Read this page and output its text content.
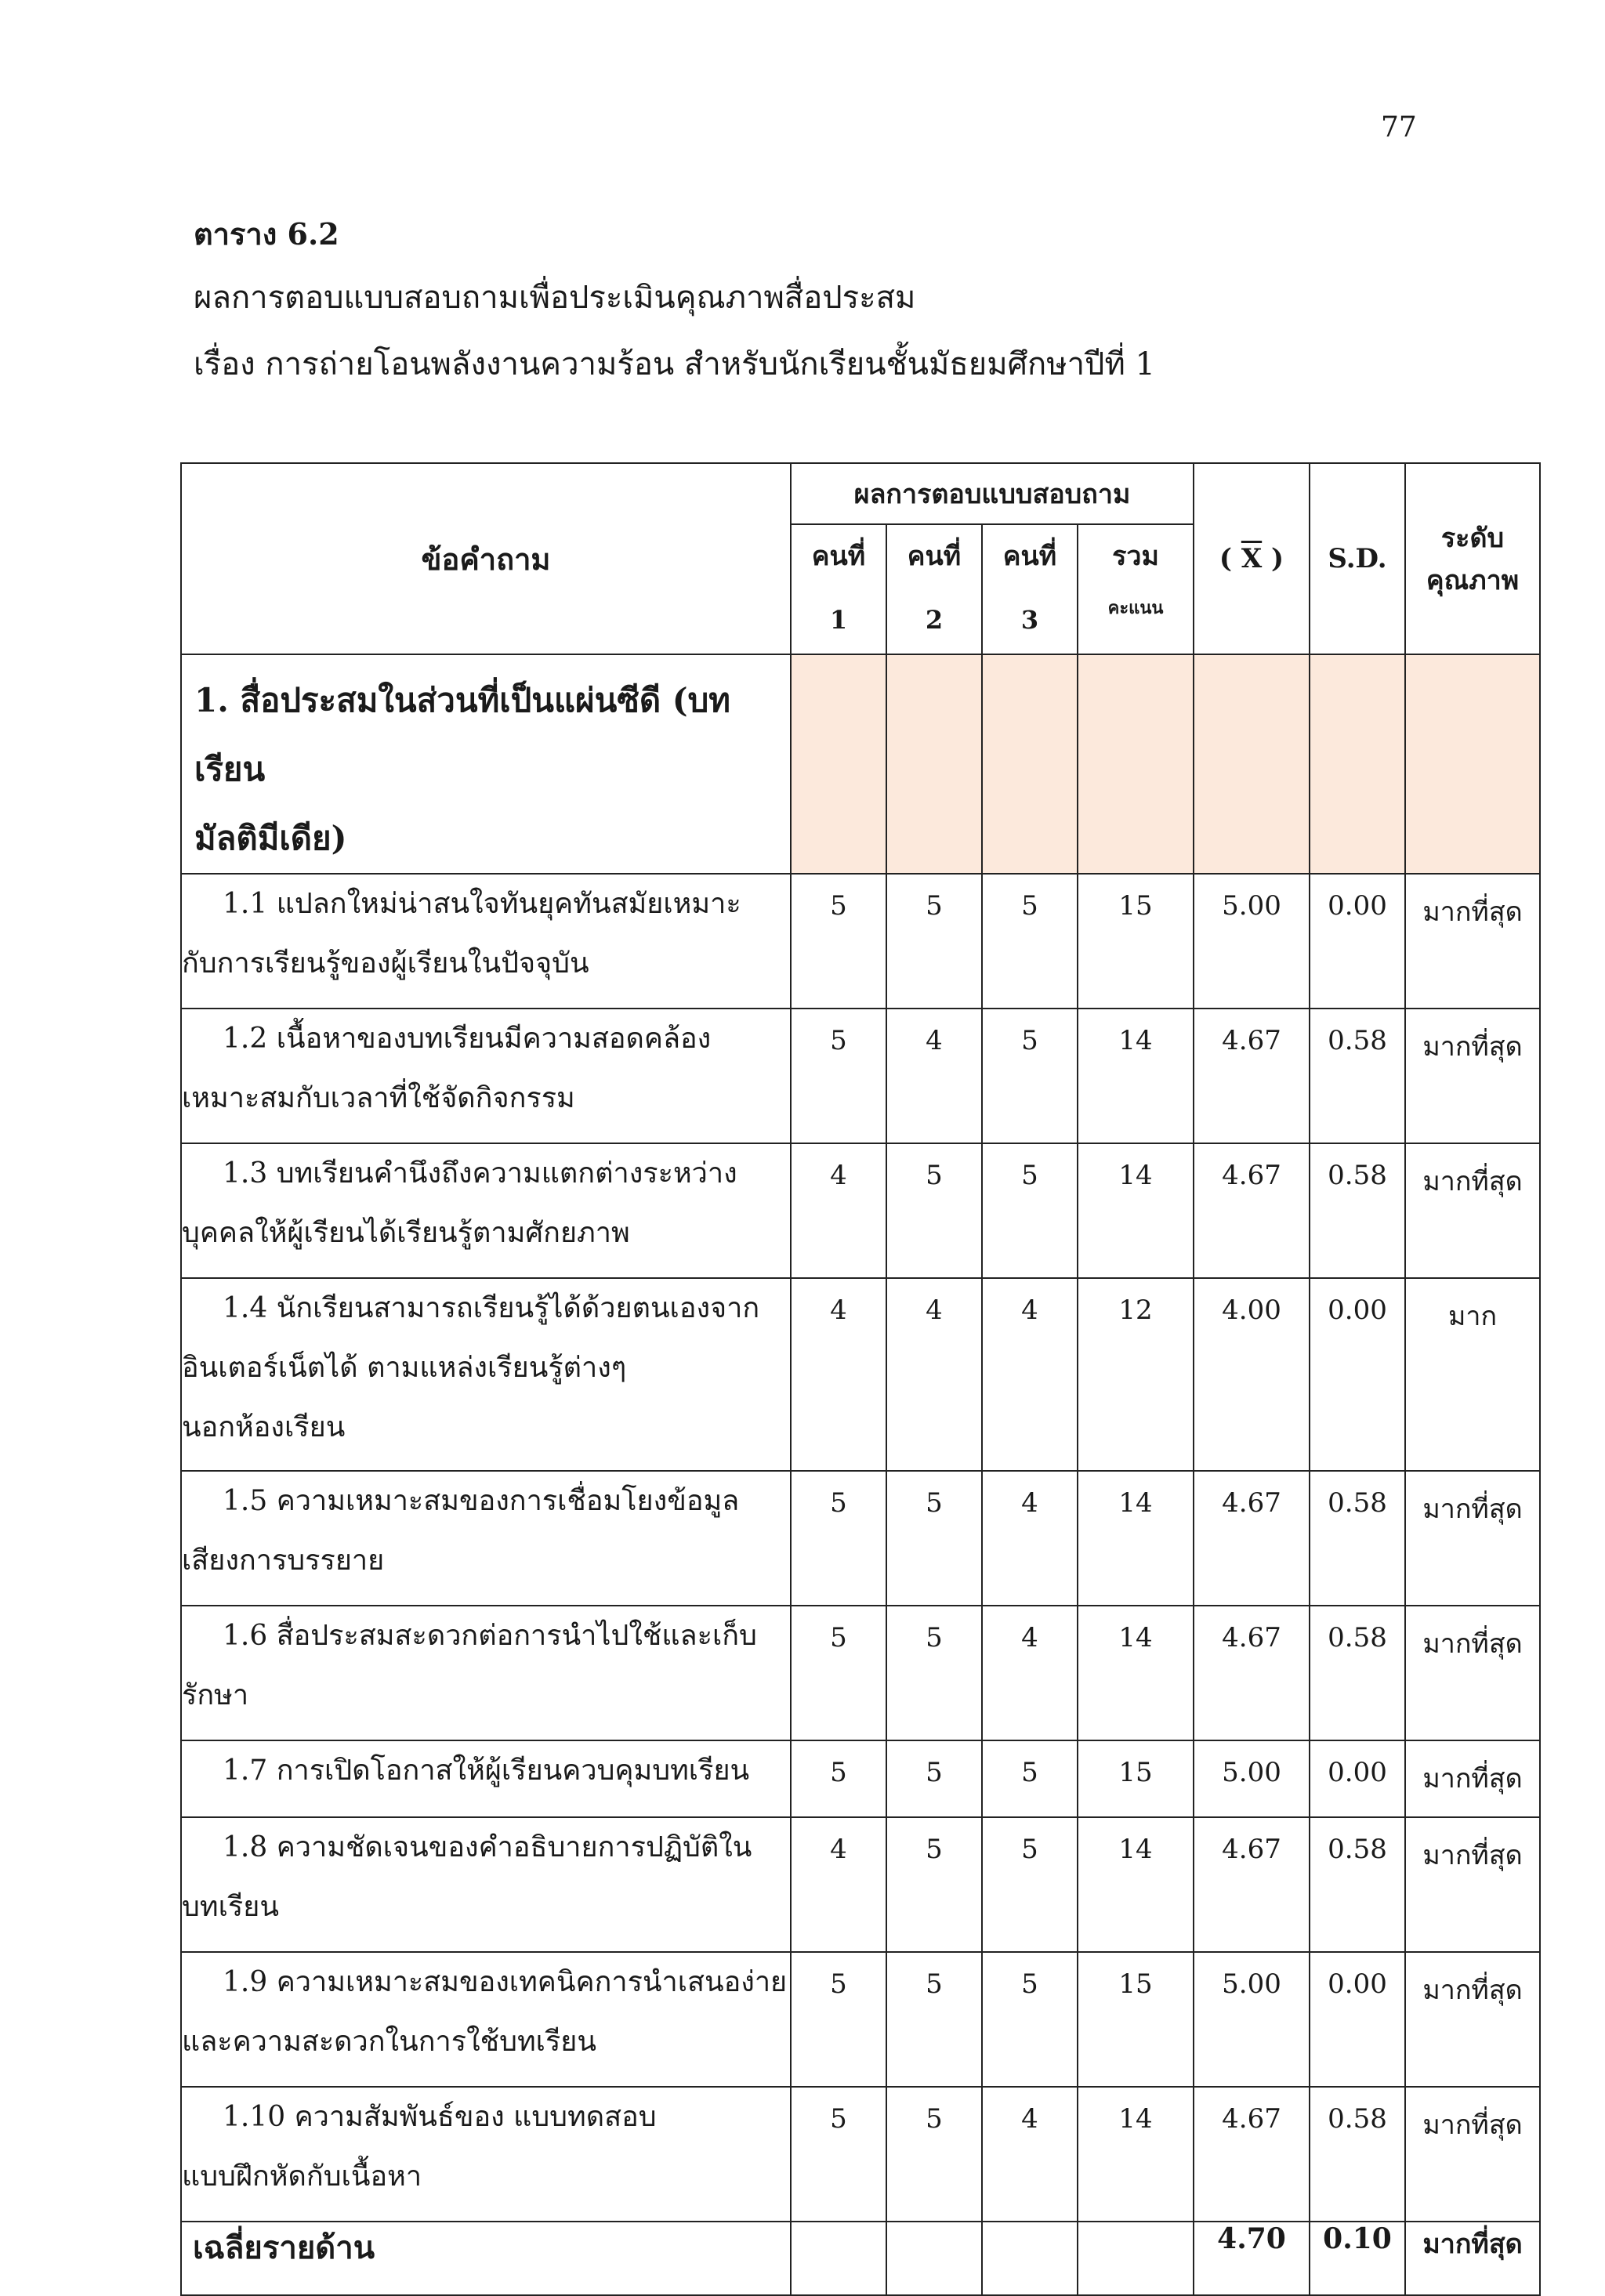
77
ตาราง 6.2
ผลการตอบแบบสอบถามเพื่อประเมินคุณภาพสื่อประสม
เรื่อง การถ่ายโอนพลังงานความร้อน สำหรับนักเรียนชั้นมัธยมศึกษาปีที่ 1
ข้อคำถาม	ผลการตอบแบบสอบถาม				( $\overline{X}$ )	S.D.	ระดับ
คุณภาพ

	คนที่	คนที่	คนที่	รวม			
	1	2	3	คะแนน			

1. สื่อประสมในส่วนที่เป็นแผ่นซีดี (บทเรียน
มัลติมีเดีย)							

1.1 แปลกใหม่น่าสนใจทันยุคทันสมัยเหมาะ
กับการเรียนรู้ของผู้เรียนในปัจจุบัน	5	5	5	15	5.00	0.00	มากที่สุด

1.2 เนื้อหาของบทเรียนมีความสอดคล้อง
เหมาะสมกับเวลาที่ใช้จัดกิจกรรม	5	4	5	14	4.67	0.58	มากที่สุด

1.3 บทเรียนคำนึงถึงความแตกต่างระหว่าง
บุคคลให้ผู้เรียนได้เรียนรู้ตามศักยภาพ	4	5	5	14	4.67	0.58	มากที่สุด

1.4 นักเรียนสามารถเรียนรู้ได้ด้วยตนเองจาก
อินเตอร์เน็ตได้ ตามแหล่งเรียนรู้ต่างๆ
นอกห้องเรียน	4	4	4	12	4.00	0.00	มาก

1.5 ความเหมาะสมของการเชื่อมโยงข้อมูล
เสียงการบรรยาย	5	5	4	14	4.67	0.58	มากที่สุด

1.6 สื่อประสมสะดวกต่อการนำไปใช้และเก็บ
รักษา	5	5	4	14	4.67	0.58	มากที่สุด

1.7 การเปิดโอกาสให้ผู้เรียนควบคุมบทเรียน	5	5	5	15	5.00	0.00	มากที่สุด

1.8 ความชัดเจนของคำอธิบายการปฏิบัติใน
บทเรียน	4	5	5	14	4.67	0.58	มากที่สุด

1.9 ความเหมาะสมของเทคนิคการนำเสนอง่าย
และความสะดวกในการใช้บทเรียน	5	5	5	15	5.00	0.00	มากที่สุด

1.10 ความสัมพันธ์ของ แบบทดสอบ
แบบฝึกหัดกับเนื้อหา	5	5	4	14	4.67	0.58	มากที่สุด
เฉลี่ยรายด้าน					4.70	0.10	มากที่สุด
